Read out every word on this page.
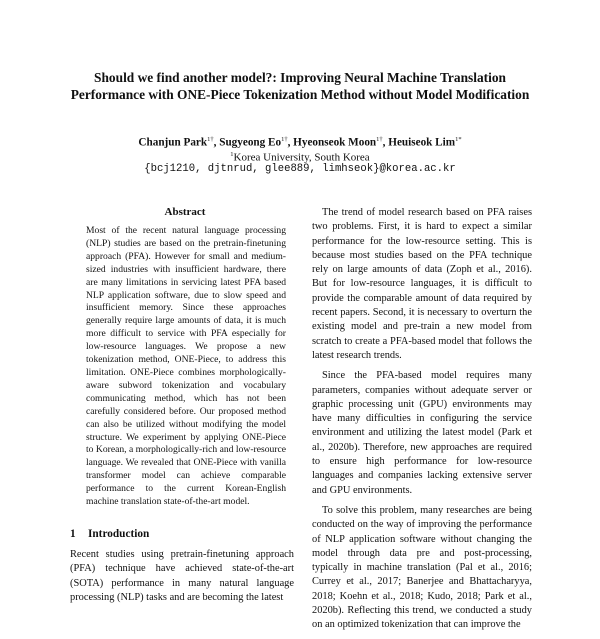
Should we find another model?: Improving Neural Machine Translation Performance with ONE-Piece Tokenization Method without Model Modification
Chanjun Park$^{1\dagger}$, Sugyeong $Eo^{1\dagger}$, Hyeonseok Moon$^{1\dagger}$, Heuiseok Lim$^{1*}$
$^1$Korea University, South Korea
{bcj1210, djtnrud, glee889, limhseok}@korea.ac.kr
Abstract

Most of the recent natural language processing (NLP) studies are based on the pretrain-finetuning approach (PFA). However for small and medium-sized industries with insufficient hardware, there are many limitations in servicing latest PFA based NLP application software, due to slow speed and insufficient memory. Since these approaches generally require large amounts of data, it is much more difficult to service with PFA especially for low-resource languages. We propose a new tokenization method, ONE-Piece, to address this limitation. ONE-Piece combines morphologically-aware subword tokenization and vocabulary communicating method, which has not been carefully considered before. Our proposed method can also be utilized without modifying the model structure. We experiment by applying ONE-Piece to Korean, a morphologically-rich and low-resource language. We revealed that ONE-Piece with vanilla transformer model can achieve comparable performance to the current Korean-English machine translation state-of-the-art model.

1 Introduction

Recent studies using pretrain-finetuning approach (PFA) technique have achieved state-of-the-art (SOTA) performance in many natural language processing (NLP) tasks and are becoming the latest

The trend of model research based on PFA raises two problems. First, it is hard to expect a similar performance for the low-resource setting. This is because most studies based on the PFA technique rely on large amounts of data (Zoph et al., 2016). But for low-resource languages, it is difficult to provide the comparable amount of data required by recent papers. Second, it is necessary to overturn the existing model and pre-train a new model from scratch to create a PFA-based model that follows the latest research trends.

Since the PFA-based model requires many parameters, companies without adequate server or graphic processing unit (GPU) environments may have many difficulties in configuring the service environment and utilizing the latest model (Park et al., 2020b). Therefore, new approaches are required to ensure high performance for low-resource languages and companies lacking extensive server and GPU environments.

To solve this problem, many researches are being conducted on the way of improving the performance of NLP application software without changing the model through data pre and post-processing, typically in machine translation (Pal et al., 2016; Currey et al., 2017; Banerjee and Bhattacharyya, 2018; Koehn et al., 2018; Kudo, 2018; Park et al., 2020b). Reflecting this trend, we conducted a study on an optimized tokenization that can improve the
